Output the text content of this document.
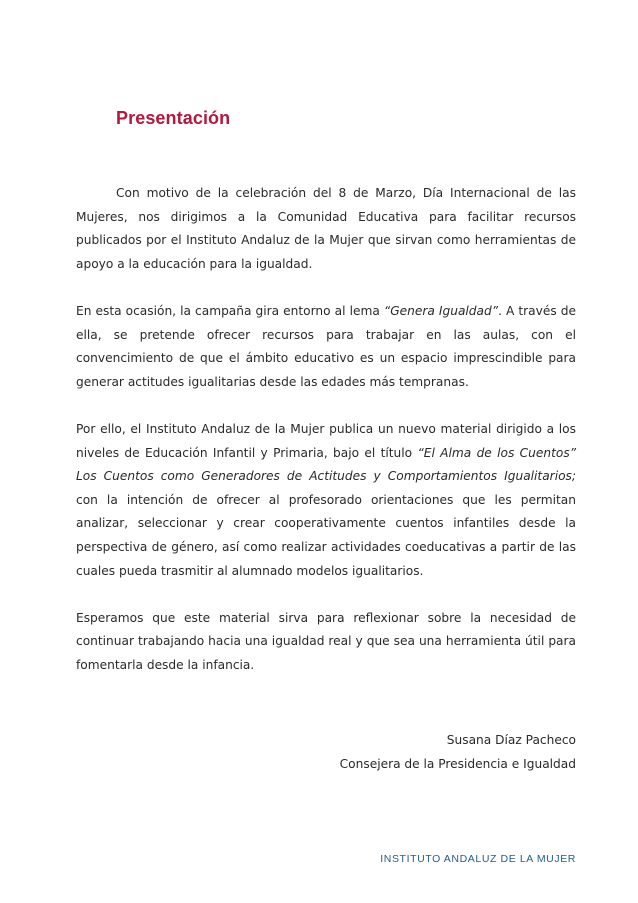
Presentación

Con motivo de la celebración del 8 de Marzo, Día Internacional de las Mujeres, nos dirigimos a la Comunidad Educativa para facilitar recursos publicados por el Instituto Andaluz de la Mujer que sirvan como herramientas de apoyo a la educación para la igualdad.

En esta ocasión, la campaña gira entorno al lema “Genera Igualdad”. A través de ella, se pretende ofrecer recursos para trabajar en las aulas, con el convencimiento de que el ámbito educativo es un espacio imprescindible para generar actitudes igualitarias desde las edades más tempranas.

Por ello, el Instituto Andaluz de la Mujer publica un nuevo material dirigido a los niveles de Educación Infantil y Primaria, bajo el título “El Alma de los Cuentos” Los Cuentos como Generadores de Actitudes y Comportamientos Igualitarios; con la intención de ofrecer al profesorado orientaciones que les permitan analizar, seleccionar y crear cooperativamente cuentos infantiles desde la perspectiva de género, así como realizar actividades coeducativas a partir de las cuales pueda trasmitir al alumnado modelos igualitarios.

Esperamos que este material sirva para reflexionar sobre la necesidad de continuar trabajando hacia una igualdad real y que sea una herramienta útil para fomentarla desde la infancia.

Susana Díaz Pacheco
Consejera de la Presidencia e Igualdad
INSTITUTO ANDALUZ DE LA MUJER
